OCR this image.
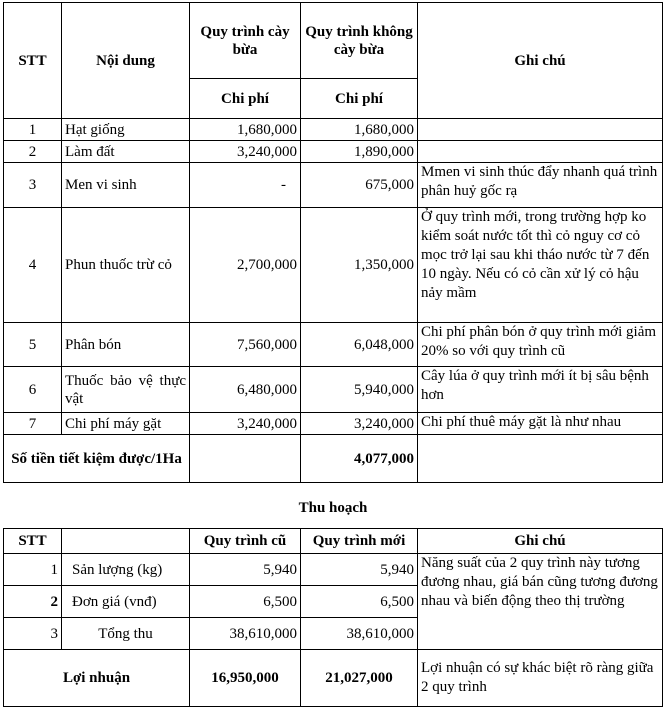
STT	Nội dung	Quy trình cày bừa	Quy trình không cày bừa	Ghi chú
		Chi phí	Chi phí	
1	Hạt giống	1,680,000	1,680,000	
2	Làm đất	3,240,000	1,890,000	
3	Men vi sinh	-	675,000	Mmen vi sinh thúc đẩy nhanh quá trình phân huỷ gốc rạ
4	Phun thuốc trừ cỏ	2,700,000	1,350,000	Ở quy trình mới, trong trường hợp ko kiểm soát nước tốt thì cỏ nguy cơ cỏ mọc trở lại sau khi tháo nước từ 7 đến 10 ngày. Nếu có cỏ cần xử lý cỏ hậu nảy mầm
5	Phân bón	7,560,000	6,048,000	Chi phí phân bón ở quy trình mới giảm 20% so với quy trình cũ
6	Thuốc bảo vệ thực vật	6,480,000	5,940,000	Cây lúa ở quy trình mới ít bị sâu bệnh hơn
7	Chi phí máy gặt	3,240,000	3,240,000	Chi phí thuê máy gặt là như nhau
Số tiền tiết kiệm được/1Ha			4,077,000	
Thu hoạch
STT		Quy trình cũ	Quy trình mới	Ghi chú
1	Sản lượng (kg)	5,940	5,940	Năng suất của 2 quy trình này tương đương nhau, giá bán cũng tương đương nhau và biến động theo thị trường
2	Đơn giá (vnđ)	6,500	6,500	
3	Tổng thu	38,610,000	38,610,000	
Lợi nhuận		16,950,000	21,027,000	Lợi nhuận có sự khác biệt rõ ràng giữa 2 quy trình
